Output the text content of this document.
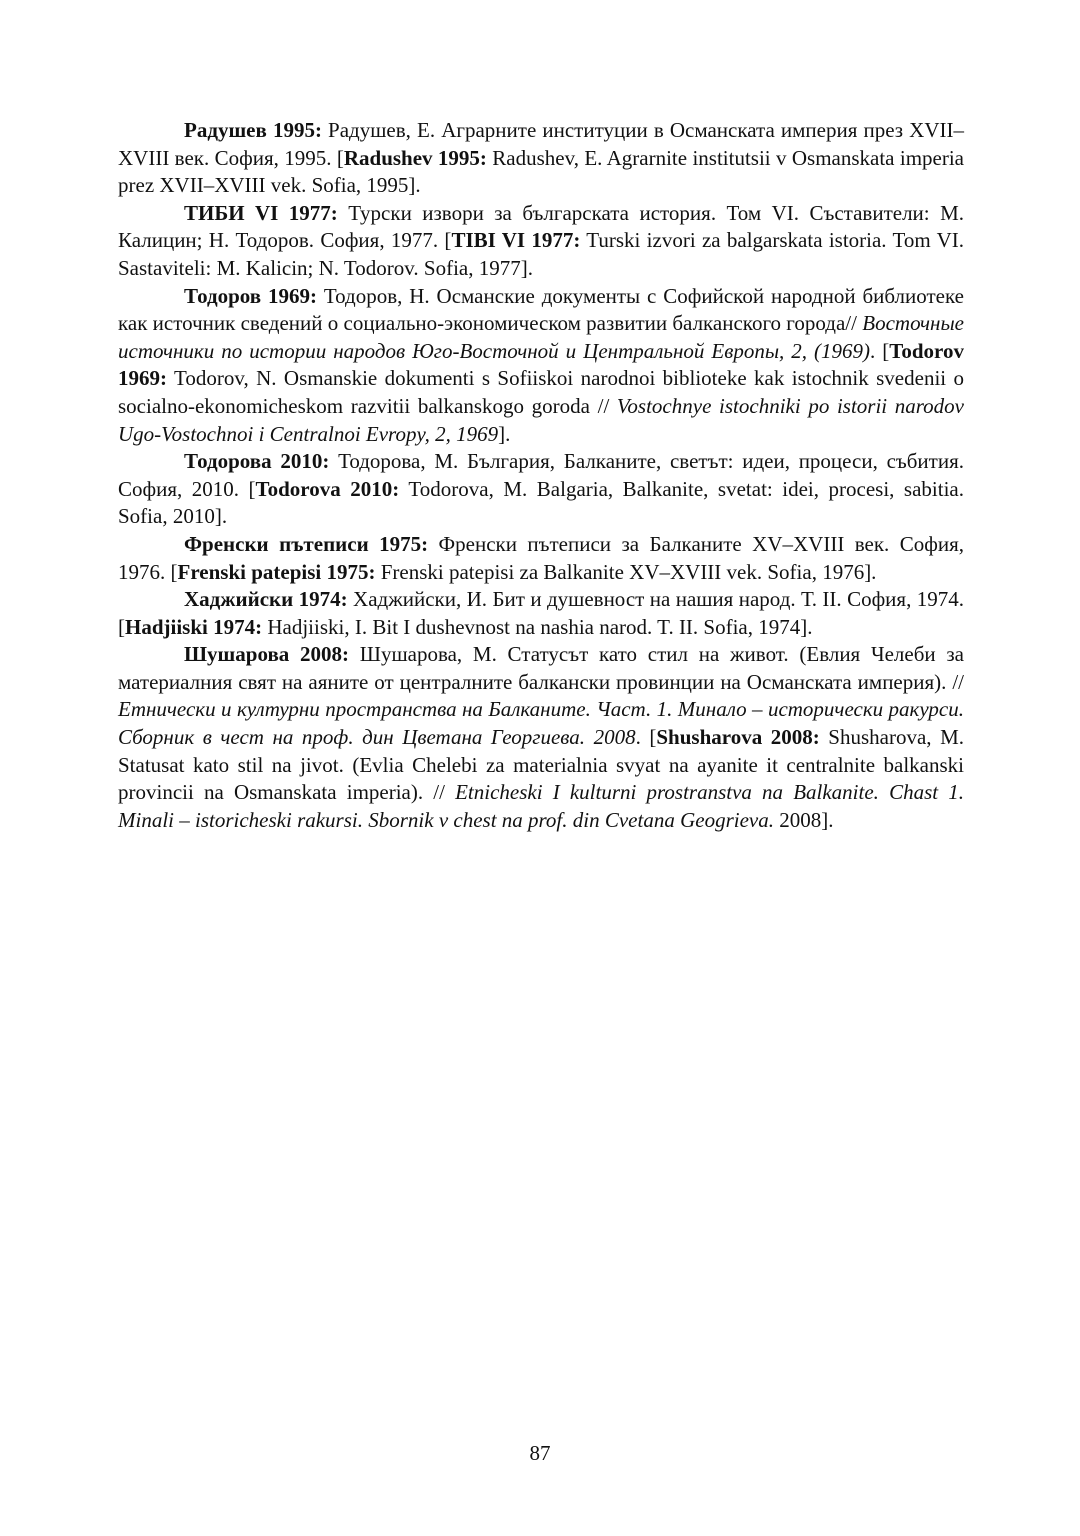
Радушев 1995: Радушев, Е. Аграрните институции в Османската империя през XVII–XVIII век. София, 1995. [Radushev 1995: Radushev, E. Agrarnite institutsii v Osmanskata imperia prez XVII–XVIII vek. Sofia, 1995].

ТИБИ VI 1977: Турски извори за българската история. Том VI. Съставители: М. Калицин; Н. Тодоров. София, 1977. [TIBI VI 1977: Turski izvori za balgarskata istoria. Tom VI. Sastaviteli: M. Kalicin; N. Todorov. Sofia, 1977].

Тодоров 1969: Тодоров, Н. Османские документы с Софийской народной библиотеке как источник сведений о социально-экономическом развитии балканского города// Восточные источники по истории народов Юго-Восточной и Центральной Европы, 2, (1969). [Todorov 1969: Todorov, N. Osmanskie dokumenti s Sofiiskoi narodnoi biblioteke kak istochnik svedenii o socialno-ekonomicheskom razvitii balkanskogo goroda // Vostochnye istochniki po istorii narodov Ugo-Vostochnoi i Centralnoi Evropy, 2, 1969].

Тодорова 2010: Тодорова, М. България, Балканите, светът: идеи, процеси, събития. София, 2010. [Todorova 2010: Todorova, M. Balgaria, Balkanite, svetat: idei, procesi, sabitia. Sofia, 2010].

Френски пътеписи 1975: Френски пътеписи за Балканите XV–XVIII век. София, 1976. [Frenski patepisi 1975: Frenski patepisi za Balkanite XV–XVIII vek. Sofia, 1976].

Хаджийски 1974: Хаджийски, И. Бит и душевност на нашия народ. Т. II. София, 1974. [Hadjiiski 1974: Hadjiiski, I. Bit I dushevnost na nashia narod. T. II. Sofia, 1974].

Шушарова 2008: Шушарова, М. Статусът като стил на живот. (Евлия Челеби за материалния свят на аяните от централните балкански провинции на Османската империя). // Етнически и културни пространства на Балканите. Част. 1. Минало – исторически ракурси. Сборник в чест на проф. дин Цветана Георгиева. 2008. [Shusharova 2008: Shusharova, M. Statusat kato stil na jivot. (Evlia Chelebi za materialnia svyat na ayanite it centralnite balkanski provincii na Osmanskata imperia). // Etnicheski I kulturni prostranstva na Balkanite. Chast 1. Minali – istoricheski rakursi. Sbornik v chest na prof. din Cvetana Geogrieva. 2008].

87
